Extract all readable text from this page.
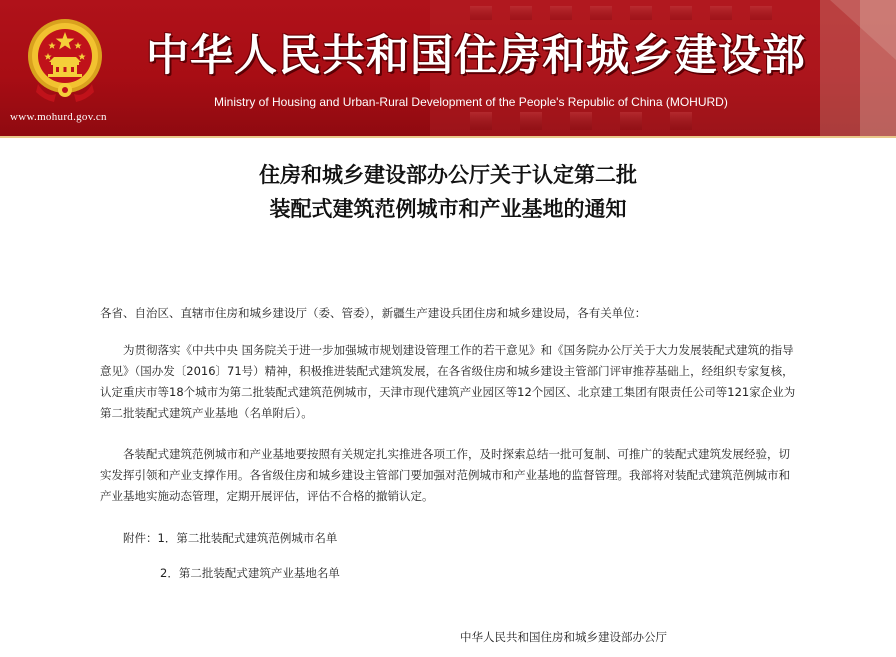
www.mohurd.gov.cn
中华人民共和国住房和城乡建设部
Ministry of Housing and Urban-Rural Development of the People's Republic of China (MOHURD)
住房和城乡建设部办公厅关于认定第二批
装配式建筑范例城市和产业基地的通知
各省、自治区、直辖市住房和城乡建设厅（委、管委），新疆生产建设兵团住房和城乡建设局，各有关单位：
为贯彻落实《中共中央 国务院关于进一步加强城市规划建设管理工作的若干意见》和《国务院办公厅关于大力发展装配式建筑的指导意见》（国办发〔2016〕71号）精神，积极推进装配式建筑发展，在各省级住房和城乡建设主管部门评审推荐基础上，经组织专家复核，认定重庆市等18个城市为第二批装配式建筑范例城市，天津市现代建筑产业园区等12个园区、北京建工集团有限责任公司等121家企业为第二批装配式建筑产业基地（名单附后）。
各装配式建筑范例城市和产业基地要按照有关规定扎实推进各项工作，及时探索总结一批可复制、可推广的装配式建筑发展经验，切实发挥引领和产业支撑作用。各省级住房和城乡建设主管部门要加强对范例城市和产业基地的监督管理。我部将对装配式建筑范例城市和产业基地实施动态管理，定期开展评估，评估不合格的撤销认定。
附件：1．第二批装配式建筑范例城市名单
2．第二批装配式建筑产业基地名单
中华人民共和国住房和城乡建设部办公厅
